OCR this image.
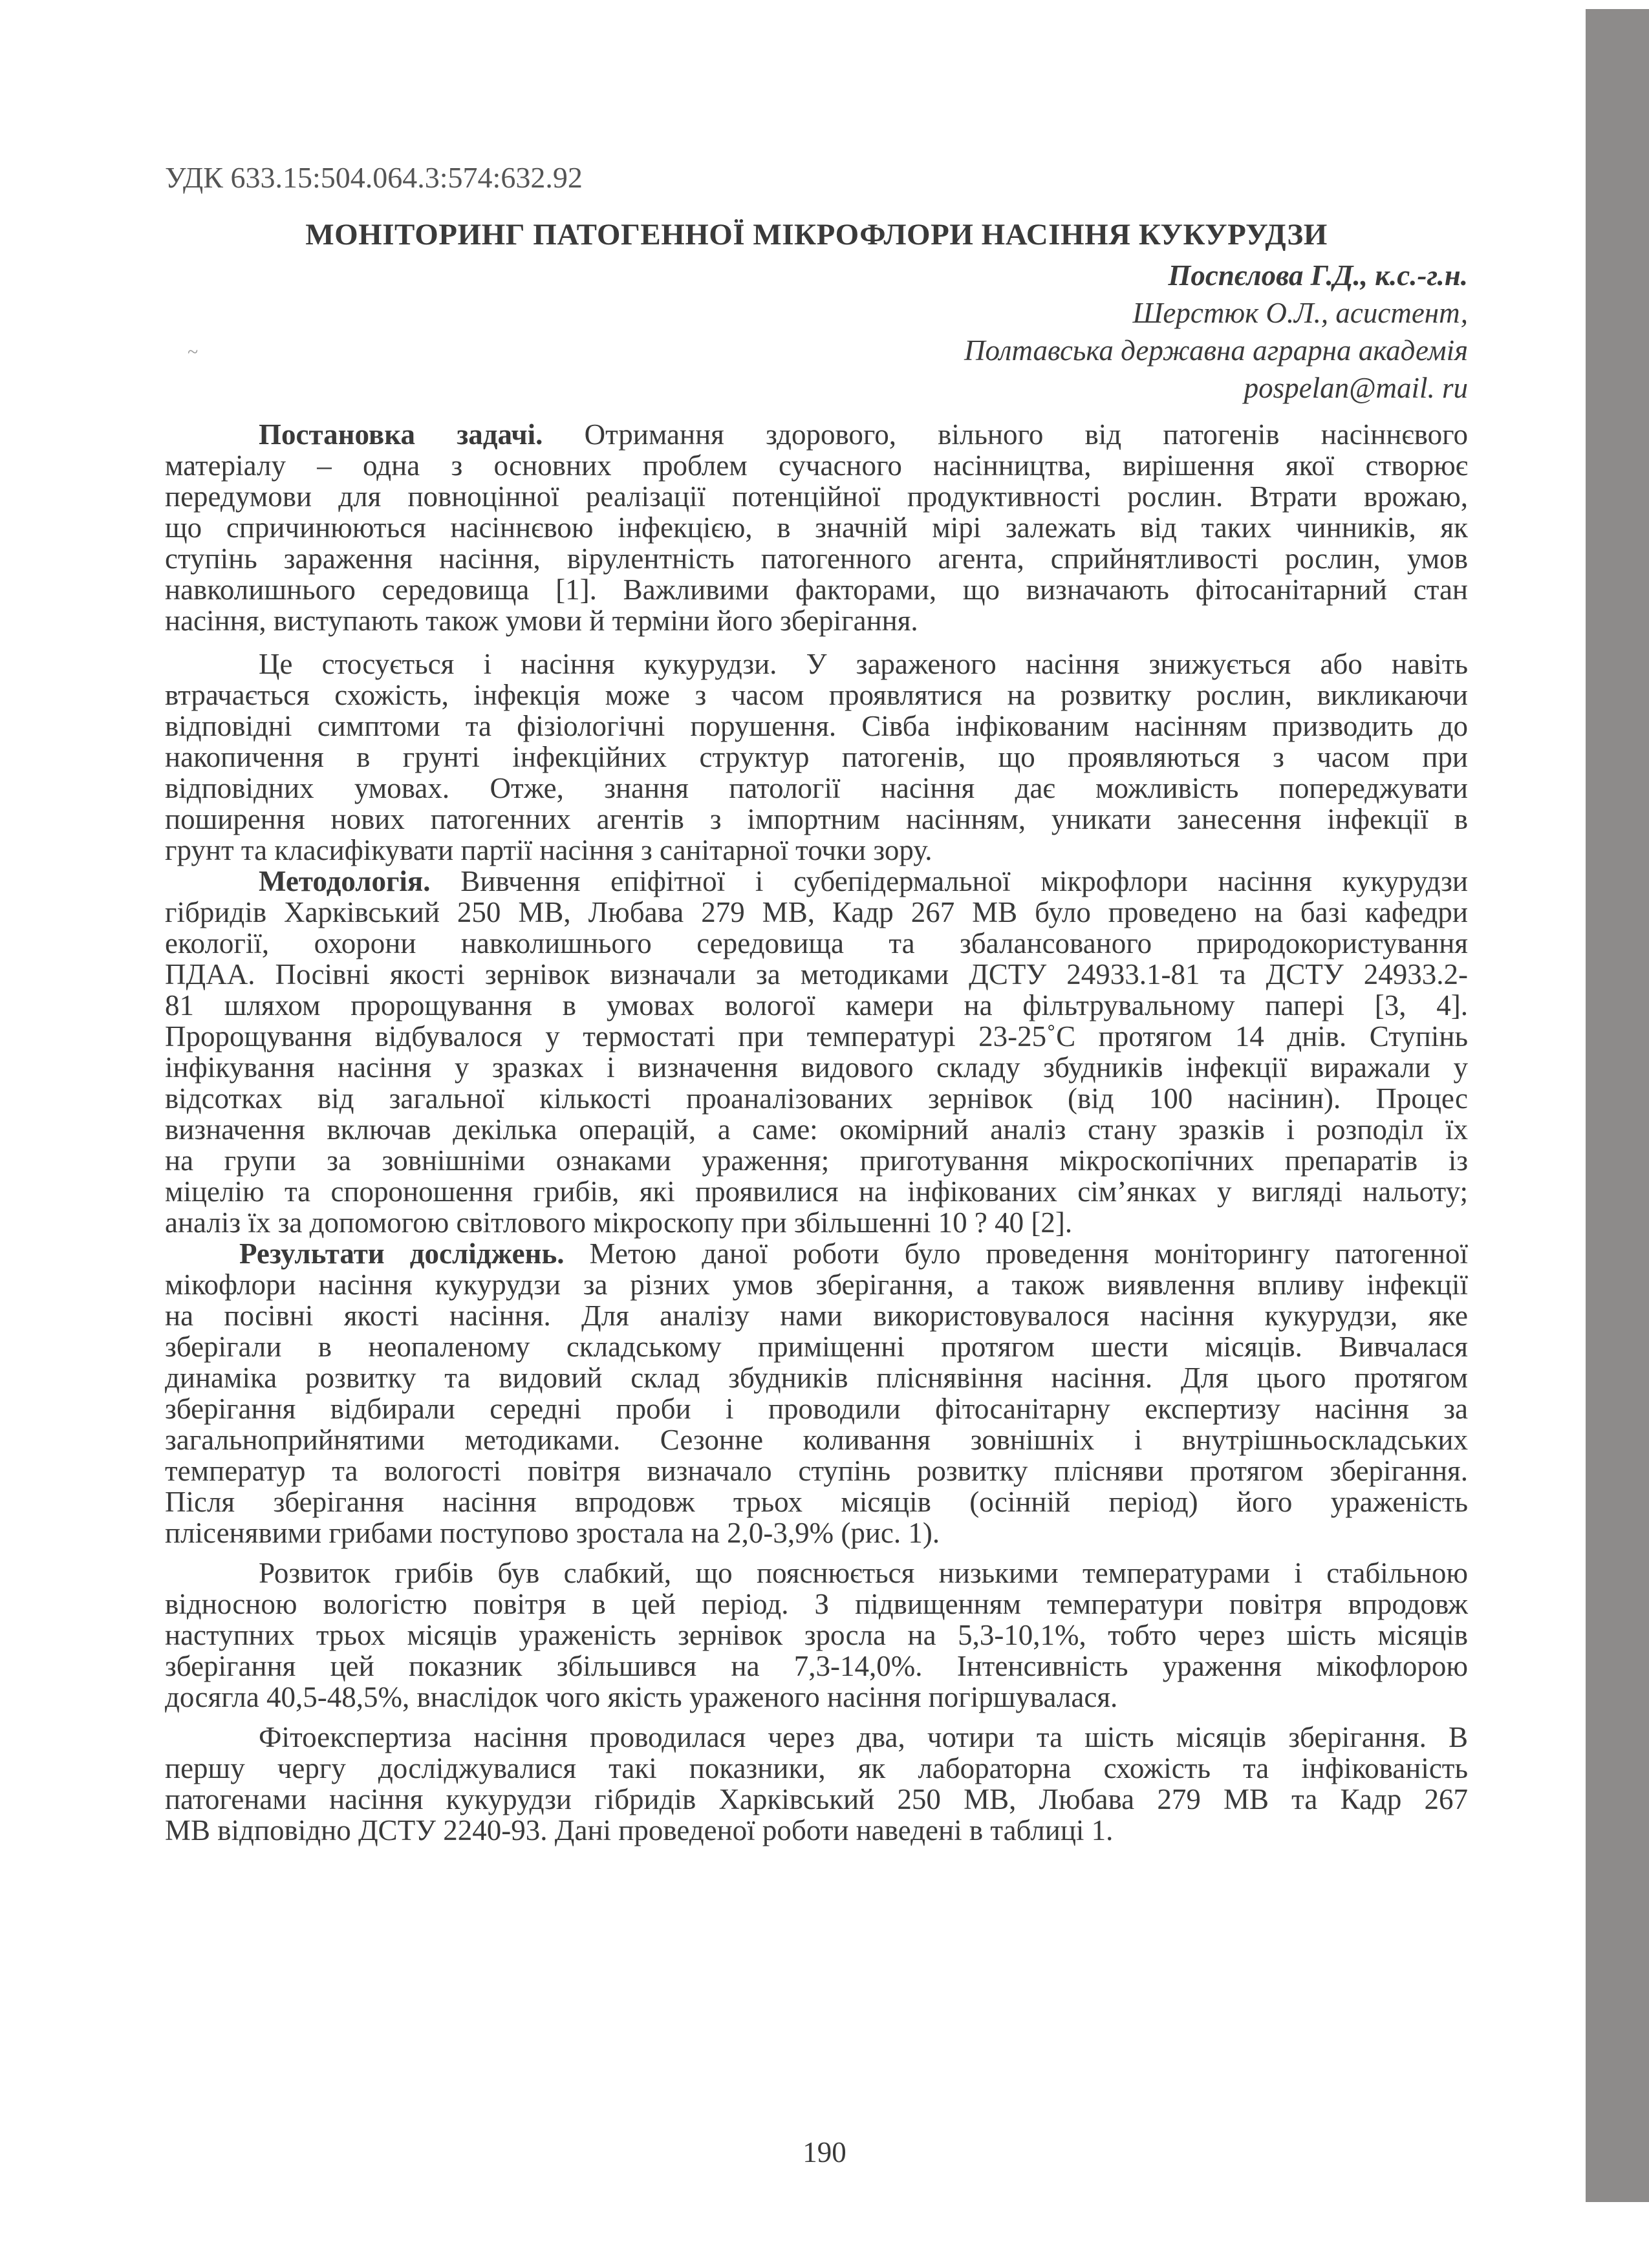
УДК 633.15:504.064.3:574:632.92
МОНІТОРИНГ ПАТОГЕННОЇ МІКРОФЛОРИ НАСІННЯ КУКУРУДЗИ
Поспєлова Г.Д., к.с.-г.н.
Шерстюк О.Л., асистент,
Полтавська державна аграрна академія
pospelan@mail. ru
~
Постановка задачі. Отримання здорового, вільного від патогенів насіннєвого
матеріалу – одна з основних проблем сучасного насінництва, вирішення якої створює
передумови для повноцінної реалізації потенційної продуктивності рослин. Втрати врожаю,
що спричинюються насіннєвою інфекцією, в значній мірі залежать від таких чинників, як
ступінь зараження насіння, вірулентність патогенного агента, сприйнятливості рослин, умов
навколишнього середовища [1]. Важливими факторами, що визначають фітосанітарний стан
насіння, виступають також умови й терміни його зберігання.
Це стосується і насіння кукурудзи. У зараженого насіння знижується або навіть
втрачається схожість, інфекція може з часом проявлятися на розвитку рослин, викликаючи
відповідні симптоми та фізіологічні порушення. Сівба інфікованим насінням призводить до
накопичення в грунті інфекційних структур патогенів, що проявляються з часом при
відповідних умовах. Отже, знання патології насіння дає можливість попереджувати
поширення нових патогенних агентів з імпортним насінням, уникати занесення інфекції в
грунт та класифікувати партії насіння з санітарної точки зору.
Методологія. Вивчення епіфітної і субепідермальної мікрофлори насіння кукурудзи
гібридів Харківський 250 МВ, Любава 279 МВ, Кадр 267 МВ було проведено на базі кафедри
екології, охорони навколишнього середовища та збалансованого природокористування
ПДАА. Посівні якості зернівок визначали за методиками ДСТУ 24933.1-81 та ДСТУ 24933.2-
81 шляхом пророщування в умовах вологої камери на фільтрувальному папері [3, 4].
Пророщування відбувалося у термостаті при температурі 23-25˚С протягом 14 днів. Ступінь
інфікування насіння у зразках і визначення видового складу збудників інфекції виражали у
відсотках від загальної кількості проаналізованих зернівок (від 100 насінин). Процес
визначення включав декілька операцій, а саме: окомірний аналіз стану зразків і розподіл їх
на групи за зовнішніми ознаками ураження; приготування мікроскопічних препаратів із
міцелію та спороношення грибів, які проявилися на інфікованих сім’янках у вигляді нальоту;
аналіз їх за допомогою світлового мікроскопу при збільшенні 10 ? 40 [2].
Результати досліджень. Метою даної роботи було проведення моніторингу патогенної
мікофлори насіння кукурудзи за різних умов зберігання, а також виявлення впливу інфекції
на посівні якості насіння. Для аналізу нами використовувалося насіння кукурудзи, яке
зберігали в неопаленому складському приміщенні протягом шести місяців. Вивчалася
динаміка розвитку та видовий склад збудників пліснявіння насіння. Для цього протягом
зберігання відбирали середні проби і проводили фітосанітарну експертизу насіння за
загальноприйнятими методиками. Сезонне коливання зовнішніх і внутрішньоскладських
температур та вологості повітря визначало ступінь розвитку плісняви протягом зберігання.
Після зберігання насіння впродовж трьох місяців (осінній період) його ураженість
плісенявими грибами поступово зростала на 2,0-3,9% (рис. 1).
Розвиток грибів був слабкий, що пояснюється низькими температурами і стабільною
відносною вологістю повітря в цей період. З підвищенням температури повітря впродовж
наступних трьох місяців ураженість зернівок зросла на 5,3-10,1%, тобто через шість місяців
зберігання цей показник збільшився на 7,3-14,0%. Інтенсивність ураження мікофлорою
досягла 40,5-48,5%, внаслідок чого якість ураженого насіння погіршувалася.
Фітоекспертиза насіння проводилася через два, чотири та шість місяців зберігання. В
першу чергу досліджувалися такі показники, як лабораторна схожість та інфікованість
патогенами насіння кукурудзи гібридів Харківський 250 МВ, Любава 279 МВ та Кадр 267
МВ відповідно ДСТУ 2240-93. Дані проведеної роботи наведені в таблиці 1.
190
